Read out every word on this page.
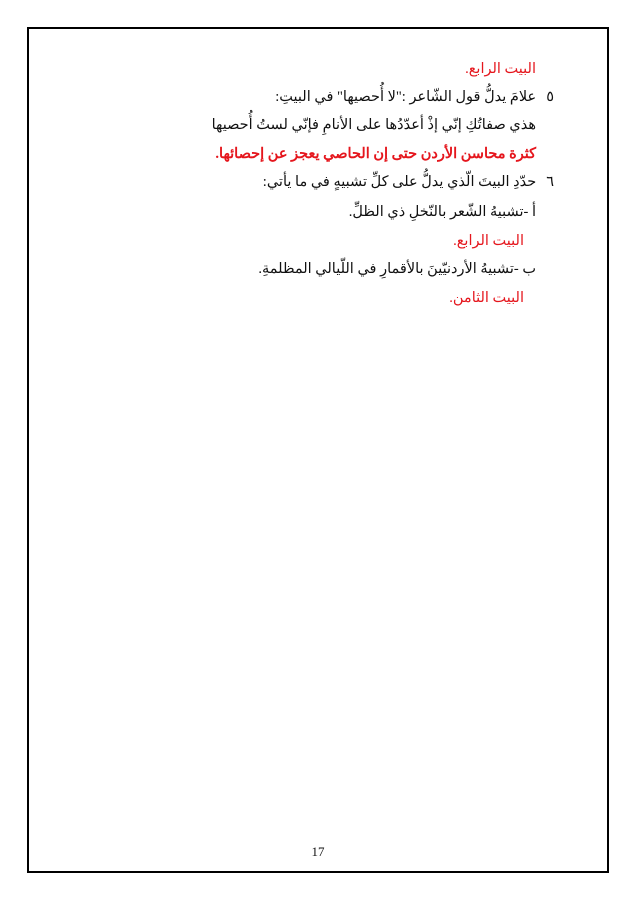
البيت الرابع.
٥علامَ يدلُّ قول الشّاعر :"لا أُحصيها" في البيتِ:
هذي صفاتُكِ إنّي إذْ أعدّدُها على الأنامِ فإنّي لستُ أُحصيها
كثرة محاسن الأردن حتى إن الحاصي يعجز عن إحصائها.
٦حدّدِ البيتَ الّذي يدلُّ على كلِّ تشبيهٍ في ما يأتي:
أ -تشبيهُ الشّعر بالنّخلِ ذي الظلِّ.
البيت الرابع.
ب -تشبيهُ الأردنيّينَ بالأقمارِ في اللّيالي المظلمةِ.
البيت الثامن.
17
